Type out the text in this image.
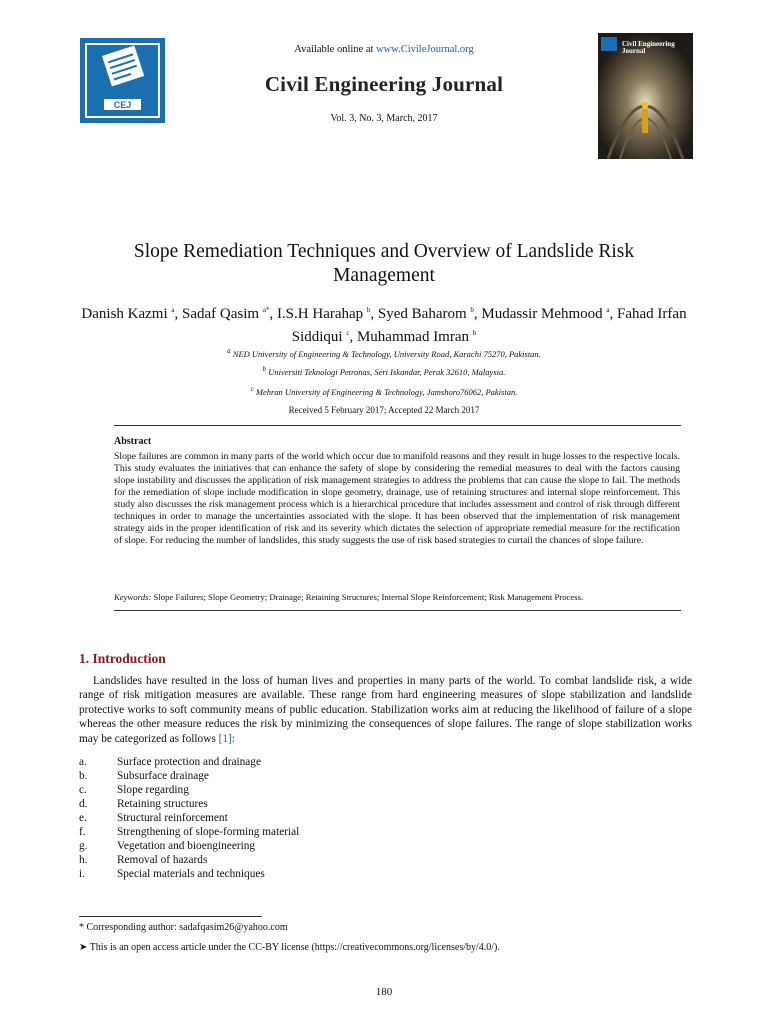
CEJ
Available online at www.CivileJournal.org
Civil Engineering Journal
Vol. 3, No. 3, March, 2017
Civil Engineering
Journal
Slope Remediation Techniques and Overview of Landslide Risk
Management
Danish Kazmi $^a$, Sadaf Qasim $^{a*}$, I.S.H Harahap $^b$, Syed Baharom $^b$, Mudassir Mehmood $^a$, Fahad Irfan Siddiqui $^c$, Muhammad Imran $^b$
$^a$ NED University of Engineering & Technology, University Road, Karachi 75270, Pakistan.
$^b$ Universiti Teknologi Petronas, Seri Iskandar, Perak 32610, Malaysia.
$^c$ Mehran University of Engineering & Technology, Jamshoro76062, Pakistan.
Received 5 February 2017; Accepted 22 March 2017
Abstract
Slope failures are common in many parts of the world which occur due to manifold reasons and they result in huge losses to the respective locals. This study evaluates the initiatives that can enhance the safety of slope by considering the remedial measures to deal with the factors causing slope instability and discusses the application of risk management strategies to address the problems that can cause the slope to fail. The methods for the remediation of slope include modification in slope geometry, drainage, use of retaining structures and internal slope reinforcement. This study also discusses the risk management process which is a hierarchical procedure that includes assessment and control of risk through different techniques in order to manage the uncertainties associated with the slope. It has been observed that the implementation of risk management strategy aids in the proper identification of risk and its severity which dictates the selection of appropriate remedial measure for the rectification of slope. For reducing the number of landslides, this study suggests the use of risk based strategies to curtail the chances of slope failure.
Keywords: Slope Failures; Slope Geometry; Drainage; Retaining Structures; Internal Slope Reinforcement; Risk Management Process.
1. Introduction
Landslides have resulted in the loss of human lives and properties in many parts of the world. To combat landslide risk, a wide range of risk mitigation measures are available. These range from hard engineering measures of slope stabilization and landslide protective works to soft community means of public education. Stabilization works aim at reducing the likelihood of failure of a slope whereas the other measure reduces the risk by minimizing the consequences of slope failures. The range of slope stabilization works may be categorized as follows [1]:
a.	Surface protection and drainage
b.	Subsurface drainage
c.	Slope regarding
d.	Retaining structures
e.	Structural reinforcement
f.	Strengthening of slope-forming material
g.	Vegetation and bioengineering
h.	Removal of hazards
i.	Special materials and techniques
* Corresponding author: sadafqasim26@yahoo.com
➤ This is an open access article under the CC-BY license (https://creativecommons.org/licenses/by/4.0/).
180
